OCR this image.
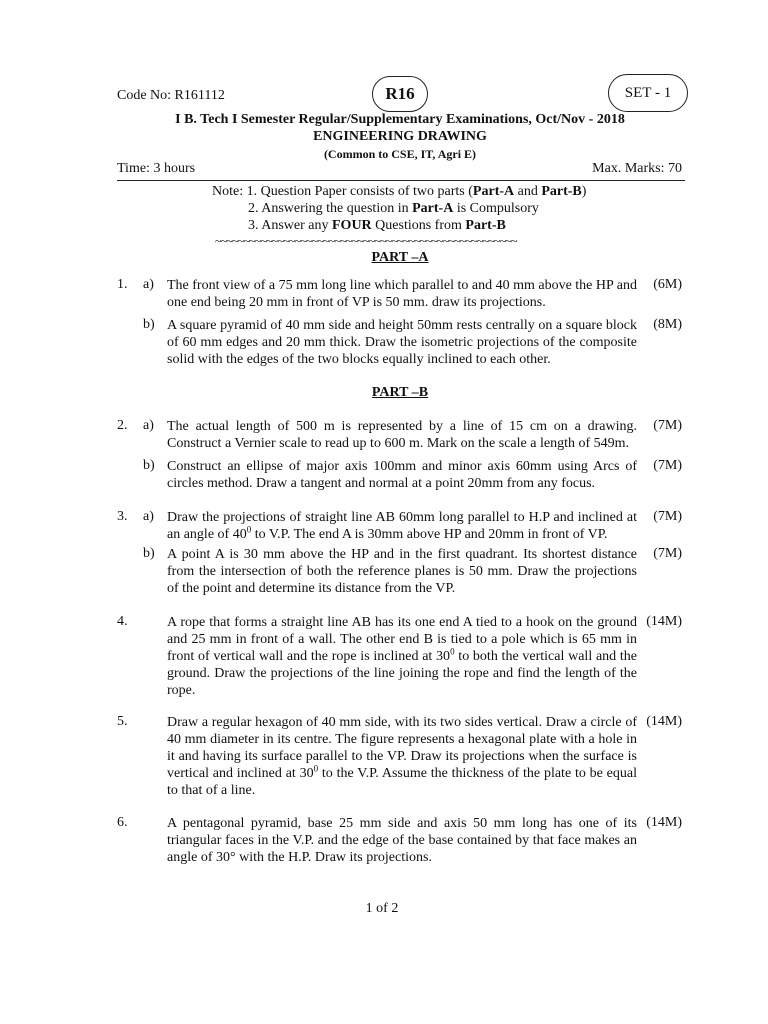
Code No: R161112	R16	SET - 1
I B. Tech I Semester Regular/Supplementary Examinations, Oct/Nov - 2018
ENGINEERING DRAWING
(Common to CSE, IT, Agri E)
Time: 3 hours	Max. Marks: 70
Note: 1. Question Paper consists of two parts (Part-A and Part-B)
2. Answering the question in Part-A is Compulsory
3. Answer any FOUR Questions from Part-B
~~~~~~~~~~~~~~~~~~~~~~~~~~~~~~~~~~~~~~~~~~~~~~~~~~~~~
PART –A
1. a) The front view of a 75 mm long line which parallel to and 40 mm above the HP and one end being 20 mm in front of VP is 50 mm. draw its projections.
(6M)
b) A square pyramid of 40 mm side and height 50mm rests centrally on a square block of 60 mm edges and 20 mm thick. Draw the isometric projections of the composite solid with the edges of the two blocks equally inclined to each other.
(8M)
PART –B
2. a) The actual length of 500 m is represented by a line of 15 cm on a drawing. Construct a Vernier scale to read up to 600 m. Mark on the scale a length of 549m.
(7M)
b) Construct an ellipse of major axis 100mm and minor axis 60mm using Arcs of circles method. Draw a tangent and normal at a point 20mm from any focus.
(7M)
3. a) Draw the projections of straight line AB 60mm long parallel to H.P and inclined at an angle of $40^0$ to V.P. The end A is 30mm above HP and 20mm in front of VP.
(7M)
b) A point A is 30 mm above the HP and in the first quadrant. Its shortest distance from the intersection of both the reference planes is 50 mm. Draw the projections of the point and determine its distance from the VP.
(7M)
4.	A rope that forms a straight line AB has its one end A tied to a hook on the ground and 25 mm in front of a wall. The other end B is tied to a pole which is 65 mm in front of vertical wall and the rope is inclined at $30^0$ to both the vertical wall and the ground. Draw the projections of the line joining the rope and find the length of the rope.
(14M)
5.	Draw a regular hexagon of 40 mm side, with its two sides vertical. Draw a circle of 40 mm diameter in its centre. The figure represents a hexagonal plate with a hole in it and having its surface parallel to the VP. Draw its projections when the surface is vertical and inclined at $30^0$ to the V.P. Assume the thickness of the plate to be equal to that of a line.
(14M)
6.	A pentagonal pyramid, base 25 mm side and axis 50 mm long has one of its triangular faces in the V.P. and the edge of the base contained by that face makes an angle of 30° with the H.P. Draw its projections.
(14M)
1 of 2
